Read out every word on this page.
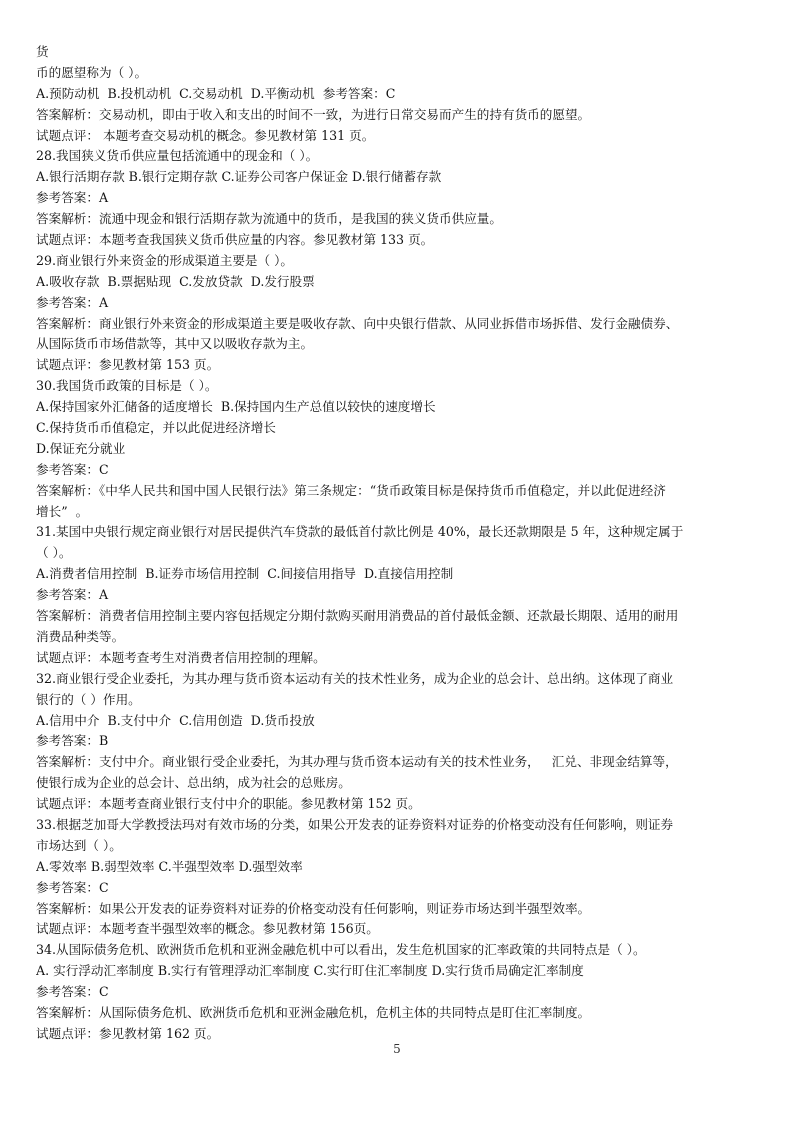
货
币的愿望称为（ ）。
A.预防动机  B.投机动机  C.交易动机  D.平衡动机  参考答案：C
答案解析：交易动机，即由于收入和支出的时间不一致，为进行日常交易而产生的持有货币的愿望。
试题点评： 本题考查交易动机的概念。参见教材第 131 页。
28.我国狭义货币供应量包括流通中的现金和（ ）。
A.银行活期存款 B.银行定期存款 C.证券公司客户保证金 D.银行储蓄存款
参考答案：A
答案解析：流通中现金和银行活期存款为流通中的货币，是我国的狭义货币供应量。
试题点评：本题考查我国狭义货币供应量的内容。参见教材第 133 页。
29.商业银行外来资金的形成渠道主要是（ ）。
A.吸收存款  B.票据贴现  C.发放贷款  D.发行股票
参考答案：A
答案解析：商业银行外来资金的形成渠道主要是吸收存款、向中央银行借款、从同业拆借市场拆借、发行金融债券、
从国际货币市场借款等，其中又以吸收存款为主。
试题点评：参见教材第 153 页。
30.我国货币政策的目标是（ ）。
A.保持国家外汇储备的适度增长  B.保持国内生产总值以较快的速度增长
C.保持货币币值稳定，并以此促进经济增长
D.保证充分就业
参考答案：C
答案解析：《中华人民共和国中国人民银行法》第三条规定：“货币政策目标是保持货币币值稳定，并以此促进经济
增长”  。
31.某国中央银行规定商业银行对居民提供汽车贷款的最低首付款比例是 40%，最长还款期限是 5 年，这种规定属于
（ ）。
A.消费者信用控制  B.证券市场信用控制  C.间接信用指导  D.直接信用控制
参考答案：A
答案解析：消费者信用控制主要内容包括规定分期付款购买耐用消费品的首付最低金额、还款最长期限、适用的耐用
消费品种类等。
试题点评：本题考查考生对消费者信用控制的理解。
32.商业银行受企业委托，为其办理与货币资本运动有关的技术性业务，成为企业的总会计、总出纳。这体现了商业
银行的（ ）作用。
A.信用中介  B.支付中介  C.信用创造  D.货币投放
参考答案：B
答案解析：支付中介。商业银行受企业委托，为其办理与货币资本运动有关的技术性业务，   汇兑、非现金结算等，
使银行成为企业的总会计、总出纳，成为社会的总账房。
试题点评：本题考查商业银行支付中介的职能。参见教材第 152 页。
33.根据芝加哥大学教授法玛对有效市场的分类，如果公开发表的证券资料对证券的价格变动没有任何影响，则证券
市场达到（ ）。
A.零效率 B.弱型效率 C.半强型效率 D.强型效率
参考答案：C
答案解析：如果公开发表的证券资料对证券的价格变动没有任何影响，则证券市场达到半强型效率。
试题点评：本题考查半强型效率的概念。参见教材第 156页。
34.从国际债务危机、欧洲货币危机和亚洲金融危机中可以看出，发生危机国家的汇率政策的共同特点是（ ）。
A. 实行浮动汇率制度 B.实行有管理浮动汇率制度 C.实行盯住汇率制度 D.实行货币局确定汇率制度
参考答案：C
答案解析：从国际债务危机、欧洲货币危机和亚洲金融危机，危机主体的共同特点是盯住汇率制度。
试题点评：参见教材第 162 页。
5
